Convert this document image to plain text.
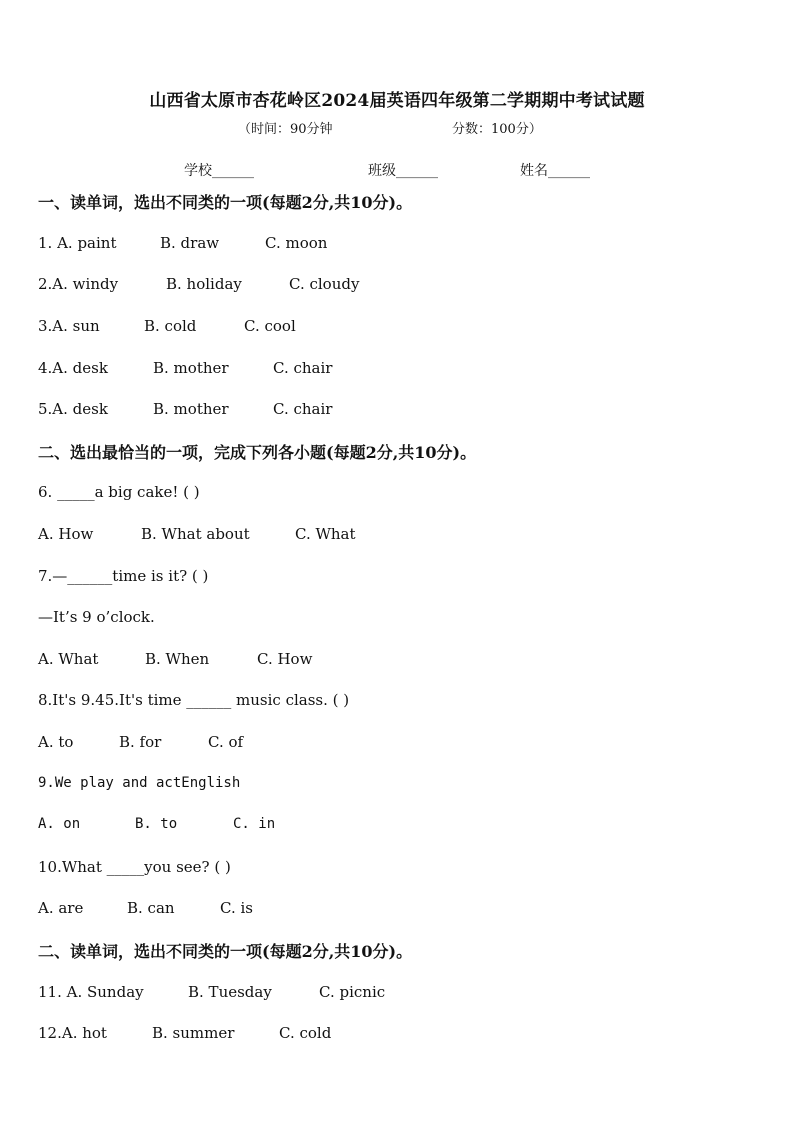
山西省太原市杏花岭区2024届英语四年级第二学期期中考试试题
（时间：90分钟	分数：100分）
学校______	班级______	姓名______
一、读单词，选出不同类的一项(每题2分,共10分)。
1. A. paint	B. draw	C. moon
2.A. windy	B. holiday	C. cloudy
3.A. sun	B. cold	C. cool
4.A. desk	B. mother	C. chair
5.A. desk	B. mother	C. chair
二、选出最恰当的一项，完成下列各小题(每题2分,共10分)。
6. _____a big cake! ( )
A. How	B. What about	C. What
7.—______time is it? ( )
—It’s 9 o’clock.
A. What	B. When	C. How
8.It's 9.45.It's time ______ music class. ( )
A. to	B. for	C. of
9.We play and actEnglish
A. on	B. to	C. in
10.What _____you see? ( )
A. are	B. can	C. is
二、读单词，选出不同类的一项(每题2分,共10分)。
11. A. Sunday	B. Tuesday	C. picnic
12.A. hot	B. summer	C. cold
